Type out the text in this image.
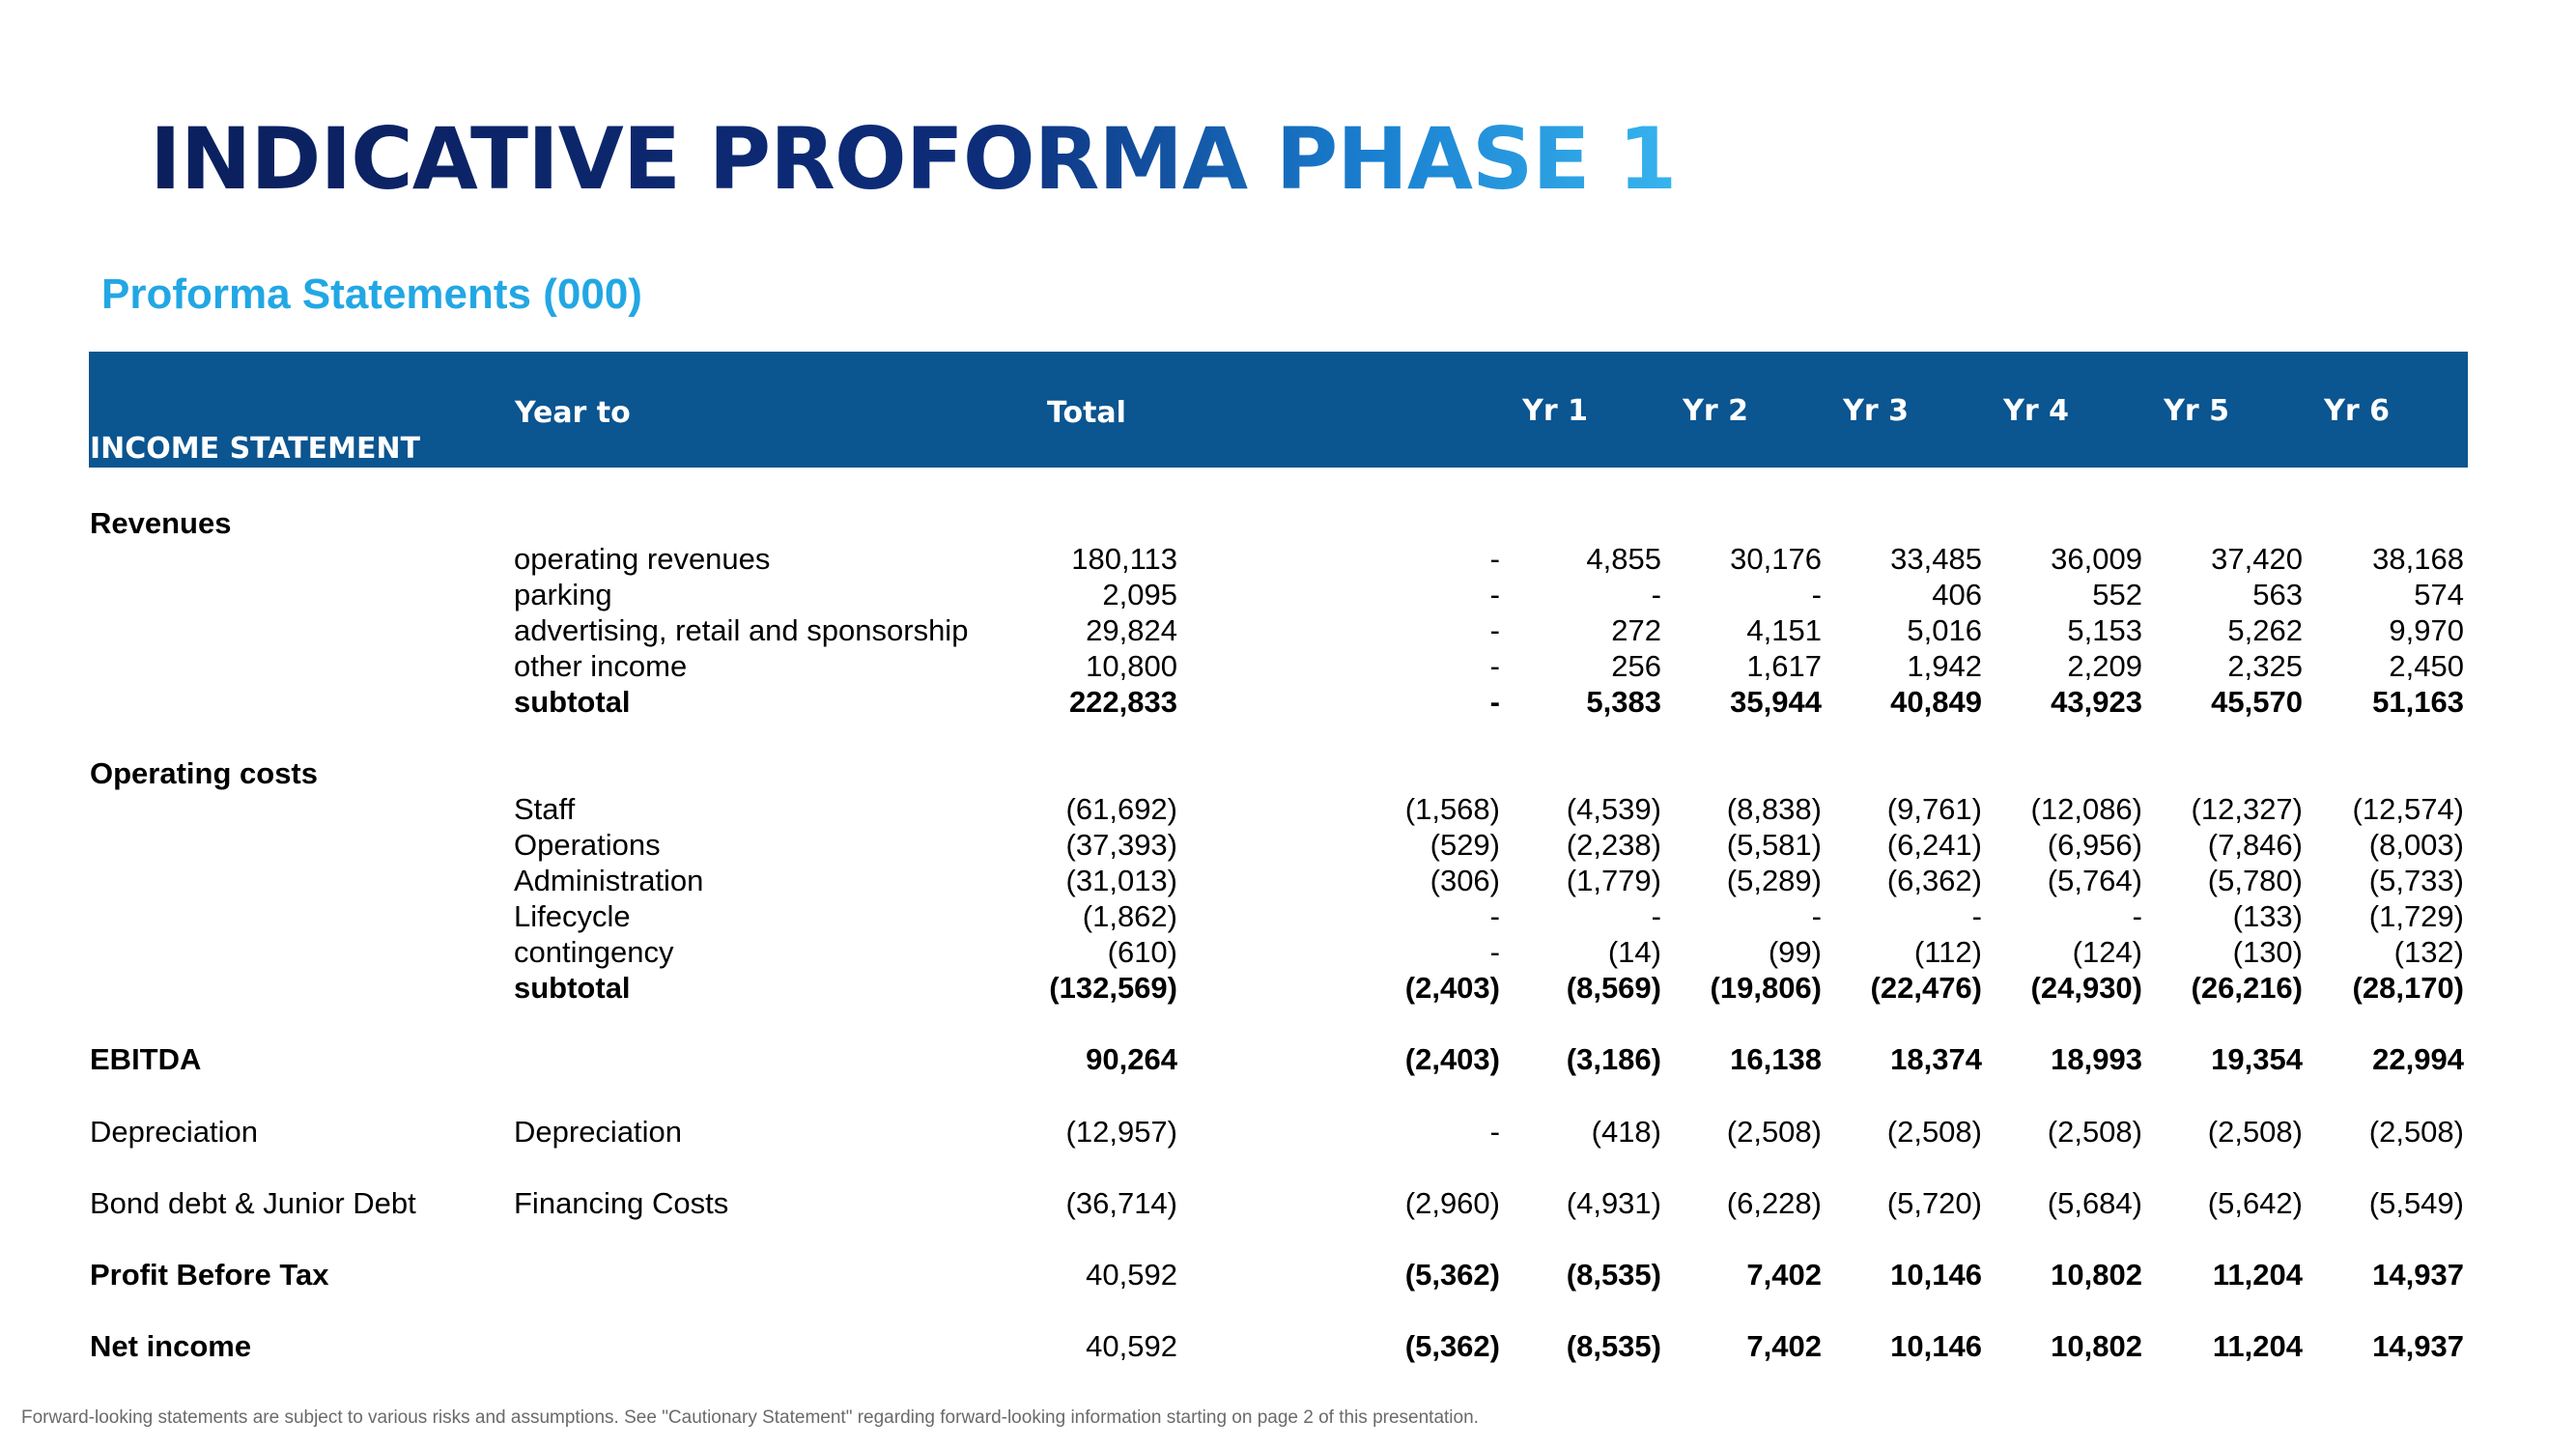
INDICATIVE PROFORMA PHASE 1
Proforma Statements (000)
INCOME STATEMENT
Year to	Total	Yr 1	Yr 2	Yr 3	Yr 4	Yr 5	Yr 6	Yr 7
Revenues
operating revenues	180,113	-	4,855	30,176	33,485	36,009	37,420	38,168
parking	2,095	-	-	-	406	552	563	574
advertising, retail and sponsorship	29,824	-	272	4,151	5,016	5,153	5,262	9,970
other income	10,800	-	256	1,617	1,942	2,209	2,325	2,450
subtotal	222,833	-	5,383	35,944	40,849	43,923	45,570	51,163
Operating costs
Staff	(61,692)	(1,568)	(4,539)	(8,838)	(9,761)	(12,086)	(12,327)	(12,574)
Operations	(37,393)	(529)	(2,238)	(5,581)	(6,241)	(6,956)	(7,846)	(8,003)
Administration	(31,013)	(306)	(1,779)	(5,289)	(6,362)	(5,764)	(5,780)	(5,733)
Lifecycle	(1,862)	-	-	-	-	-	(133)	(1,729)
contingency	(610)	-	(14)	(99)	(112)	(124)	(130)	(132)
subtotal	(132,569)	(2,403)	(8,569)	(19,806)	(22,476)	(24,930)	(26,216)	(28,170)
EBITDA	90,264	(2,403)	(3,186)	16,138	18,374	18,993	19,354	22,994
Depreciation	Depreciation	(12,957)	-	(418)	(2,508)	(2,508)	(2,508)	(2,508)	(2,508)
Bond debt & Junior Debt	Financing Costs	(36,714)	(2,960)	(4,931)	(6,228)	(5,720)	(5,684)	(5,642)	(5,549)
Profit Before Tax	40,592	(5,362)	(8,535)	7,402	10,146	10,802	11,204	14,937
Net income	40,592	(5,362)	(8,535)	7,402	10,146	10,802	11,204	14,937
Forward-looking statements are subject to various risks and assumptions. See "Cautionary Statement" regarding forward-looking information starting on page 2 of this presentation.
